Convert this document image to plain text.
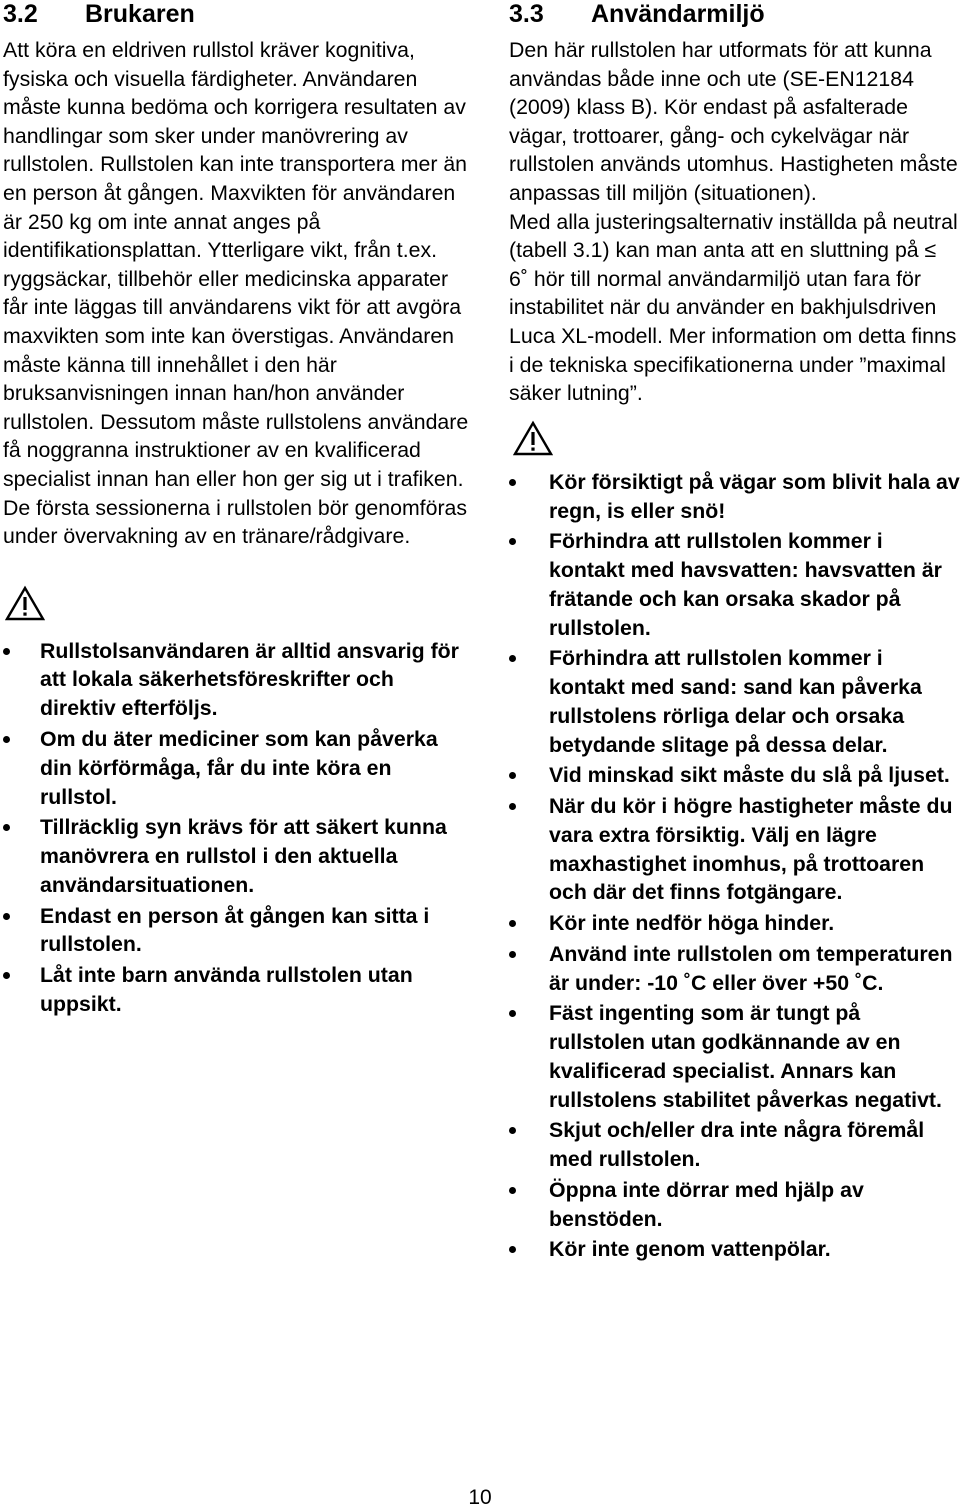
3.2 Brukaren

Att köra en eldriven rullstol kräver kognitiva, fysiska och visuella färdigheter. Användaren måste kunna bedöma och korrigera resultaten av handlingar som sker under manövrering av rullstolen. Rullstolen kan inte transportera mer än en person åt gången. Maxvikten för användaren är 250 kg om inte annat anges på identifikationsplattan. Ytterligare vikt, från t.ex. ryggsäckar, tillbehör eller medicinska apparater får inte läggas till användarens vikt för att avgöra maxvikten som inte kan överstigas. Användaren måste känna till innehållet i den här bruksanvisningen innan han/hon använder rullstolen. Dessutom måste rullstolens användare få noggranna instruktioner av en kvalificerad specialist innan han eller hon ger sig ut i trafiken. De första sessionerna i rullstolen bör genomföras under övervakning av en tränare/rådgivare.

Rullstolsanvändaren är alltid ansvarig för att lokala säkerhetsföreskrifter och direktiv efterföljs.
Om du äter mediciner som kan påverka din körförmåga, får du inte köra en rullstol.
Tillräcklig syn krävs för att säkert kunna manövrera en rullstol i den aktuella användarsituationen.
Endast en person åt gången kan sitta i rullstolen.
Låt inte barn använda rullstolen utan uppsikt.
3.3 Användarmiljö

Den här rullstolen har utformats för att kunna användas både inne och ute (SE-EN12184 (2009) klass B). Kör endast på asfalterade vägar, trottoarer, gång- och cykelvägar när rullstolen används utomhus. Hastigheten måste anpassas till miljön (situationen).

Med alla justeringsalternativ inställda på neutral (tabell 3.1) kan man anta att en sluttning på ≤ 6˚ hör till normal användarmiljö utan fara för instabilitet när du använder en bakhjulsdriven Luca XL-modell. Mer information om detta finns i de tekniska specifikationerna under ”maximal säker lutning”.

Kör försiktigt på vägar som blivit hala av regn, is eller snö!
Förhindra att rullstolen kommer i kontakt med havsvatten: havsvatten är frätande och kan orsaka skador på rullstolen.
Förhindra att rullstolen kommer i kontakt med sand: sand kan påverka rullstolens rörliga delar och orsaka betydande slitage på dessa delar.
Vid minskad sikt måste du slå på ljuset.
När du kör i högre hastigheter måste du vara extra försiktig. Välj en lägre maxhastighet inomhus, på trottoaren och där det finns fotgängare.
Kör inte nedför höga hinder.
Använd inte rullstolen om temperaturen är under: -10 ˚C eller över +50 ˚C.
Fäst ingenting som är tungt på rullstolen utan godkännande av en kvalificerad specialist. Annars kan rullstolens stabilitet påverkas negativt.
Skjut och/eller dra inte några föremål med rullstolen.
Öppna inte dörrar med hjälp av benstöden.
Kör inte genom vattenpölar.
10
